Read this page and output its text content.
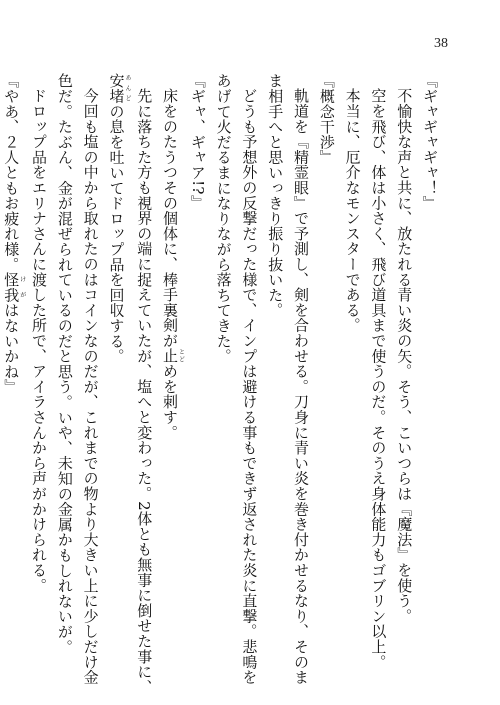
38
『ギャギャギャ！』
不愉快な声と共に、放たれる青い炎の矢。そう、こいつらは『魔法』を使う。
空を飛び、体は小さく、飛び道具まで使うのだ。そのうえ身体能力もゴブリン以上。
本当に、厄介なモンスターである。
『概念干渉』
軌道を『精霊眼』で予測し、剣を合わせる。刀身に青い炎を巻き付かせるなり、そのま
ま相手へと思いっきり振り抜いた。
どうも予想外の反撃だった様で、インプは避ける事もできず返された炎に直撃。悲鳴を
あげて火だるまになりながら落ちてきた。
『ギャ、ギャア!?』
床をのたうつその個体に、棒手裏剣が止とどめを刺す。
先に落ちた方も視界の端に捉えていたが、塩へと変わった。2体とも無事に倒せた事に、
安堵あんどの息を吐いてドロップ品を回収する。
今回も塩の中から取れたのはコインなのだが、これまでの物より大きい上に少しだけ金
色だ。たぶん、金が混ぜられているのだと思う。いや、未知の金属かもしれないが。
ドロップ品をエリナさんに渡した所で、アイラさんから声がかけられる。
『やあ、２人ともお疲れ様。怪我けがはないかね』
